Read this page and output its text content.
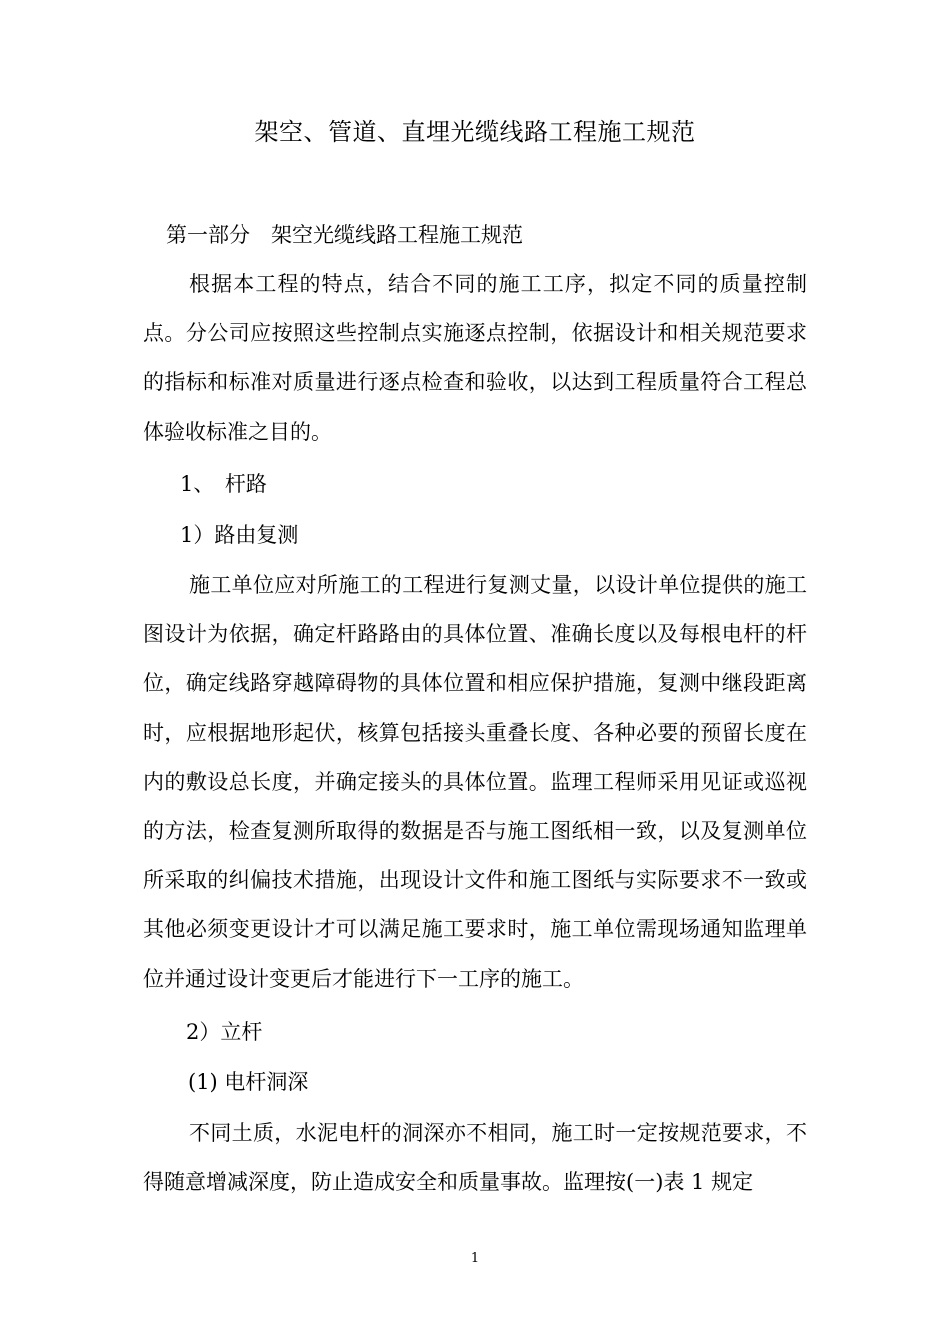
架空、管道、直埋光缆线路工程施工规范
第一部分　架空光缆线路工程施工规范

根据本工程的特点，结合不同的施工工序，拟定不同的质量控制点。分公司应按照这些控制点实施逐点控制，依据设计和相关规范要求的指标和标准对质量进行逐点检查和验收，以达到工程质量符合工程总体验收标准之目的。

1、　杆路
1）路由复测

施工单位应对所施工的工程进行复测丈量，以设计单位提供的施工图设计为依据，确定杆路路由的具体位置、准确长度以及每根电杆的杆位，确定线路穿越障碍物的具体位置和相应保护措施，复测中继段距离时，应根据地形起伏，核算包括接头重叠长度、各种必要的预留长度在内的敷设总长度，并确定接头的具体位置。监理工程师采用见证或巡视的方法，检查复测所取得的数据是否与施工图纸相一致，以及复测单位所采取的纠偏技术措施，出现设计文件和施工图纸与实际要求不一致或其他必须变更设计才可以满足施工要求时，施工单位需现场通知监理单位并通过设计变更后才能进行下一工序的施工。

2）立杆
(1) 电杆洞深

不同土质，水泥电杆的洞深亦不相同，施工时一定按规范要求，不得随意增减深度，防止造成安全和质量事故。监理按(一)表 1 规定

1
